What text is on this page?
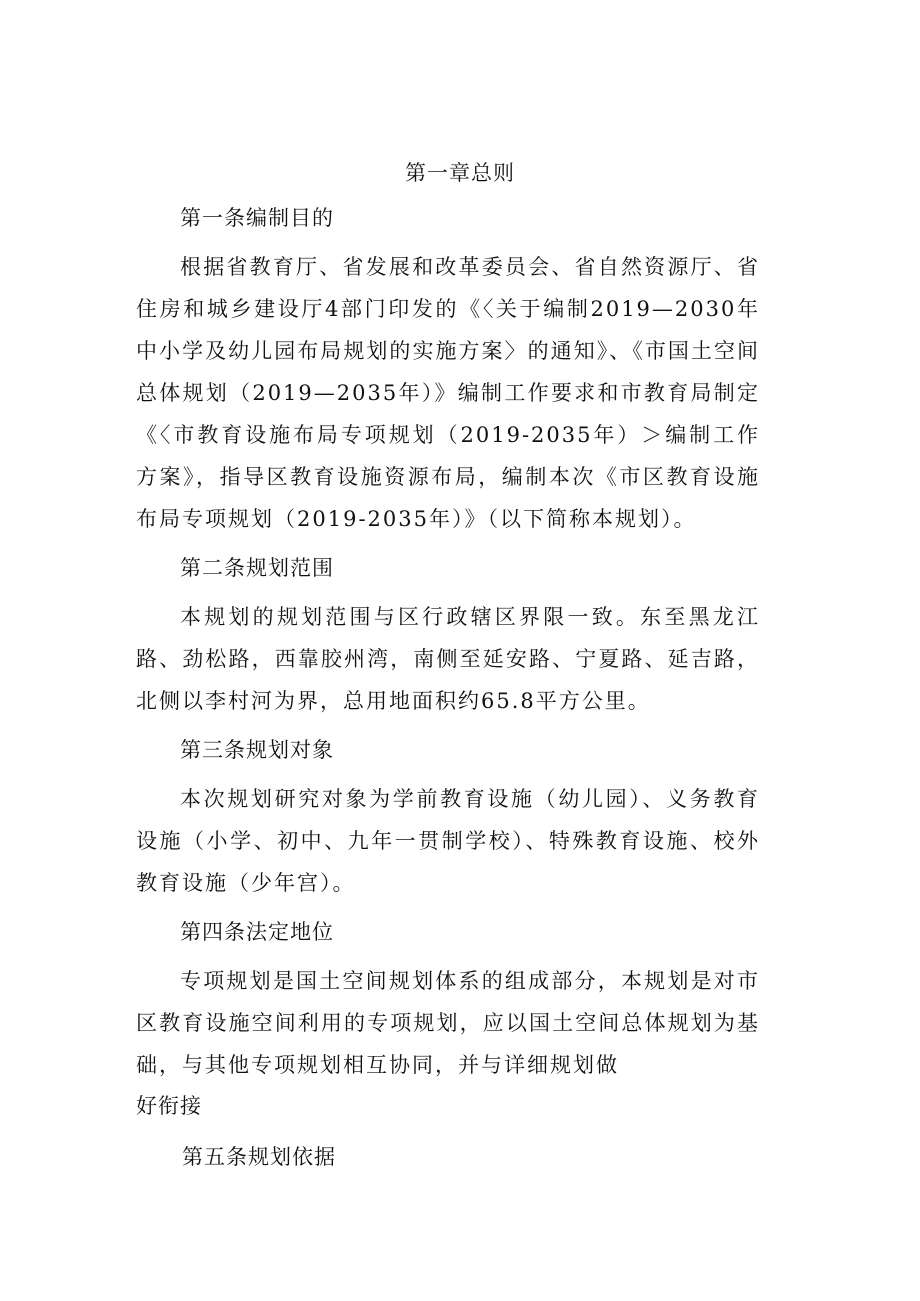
第一章总则
第一条编制目的

根据省教育厅、省发展和改革委员会、省自然资源厅、省住房和城乡建设厅4部门印发的《〈关于编制2019—2030年中小学及幼儿园布局规划的实施方案〉的通知》、《市国土空间总体规划（2019—2035年）》编制工作要求和市教育局制定《〈市教育设施布局专项规划（2019-2035年）＞编制工作方案》，指导区教育设施资源布局，编制本次《市区教育设施布局专项规划（2019-2035年）》（以下简称本规划）。

第二条规划范围

本规划的规划范围与区行政辖区界限一致。东至黑龙江路、劲松路，西靠胶州湾，南侧至延安路、宁夏路、延吉路，北侧以李村河为界，总用地面积约65.8平方公里。

第三条规划对象

本次规划研究对象为学前教育设施（幼儿园）、义务教育设施（小学、初中、九年一贯制学校）、特殊教育设施、校外教育设施（少年宫）。

第四条法定地位

专项规划是国土空间规划体系的组成部分，本规划是对市区教育设施空间利用的专项规划，应以国土空间总体规划为基础，与其他专项规划相互协同，并与详细规划做

好衔接

第五条规划依据
